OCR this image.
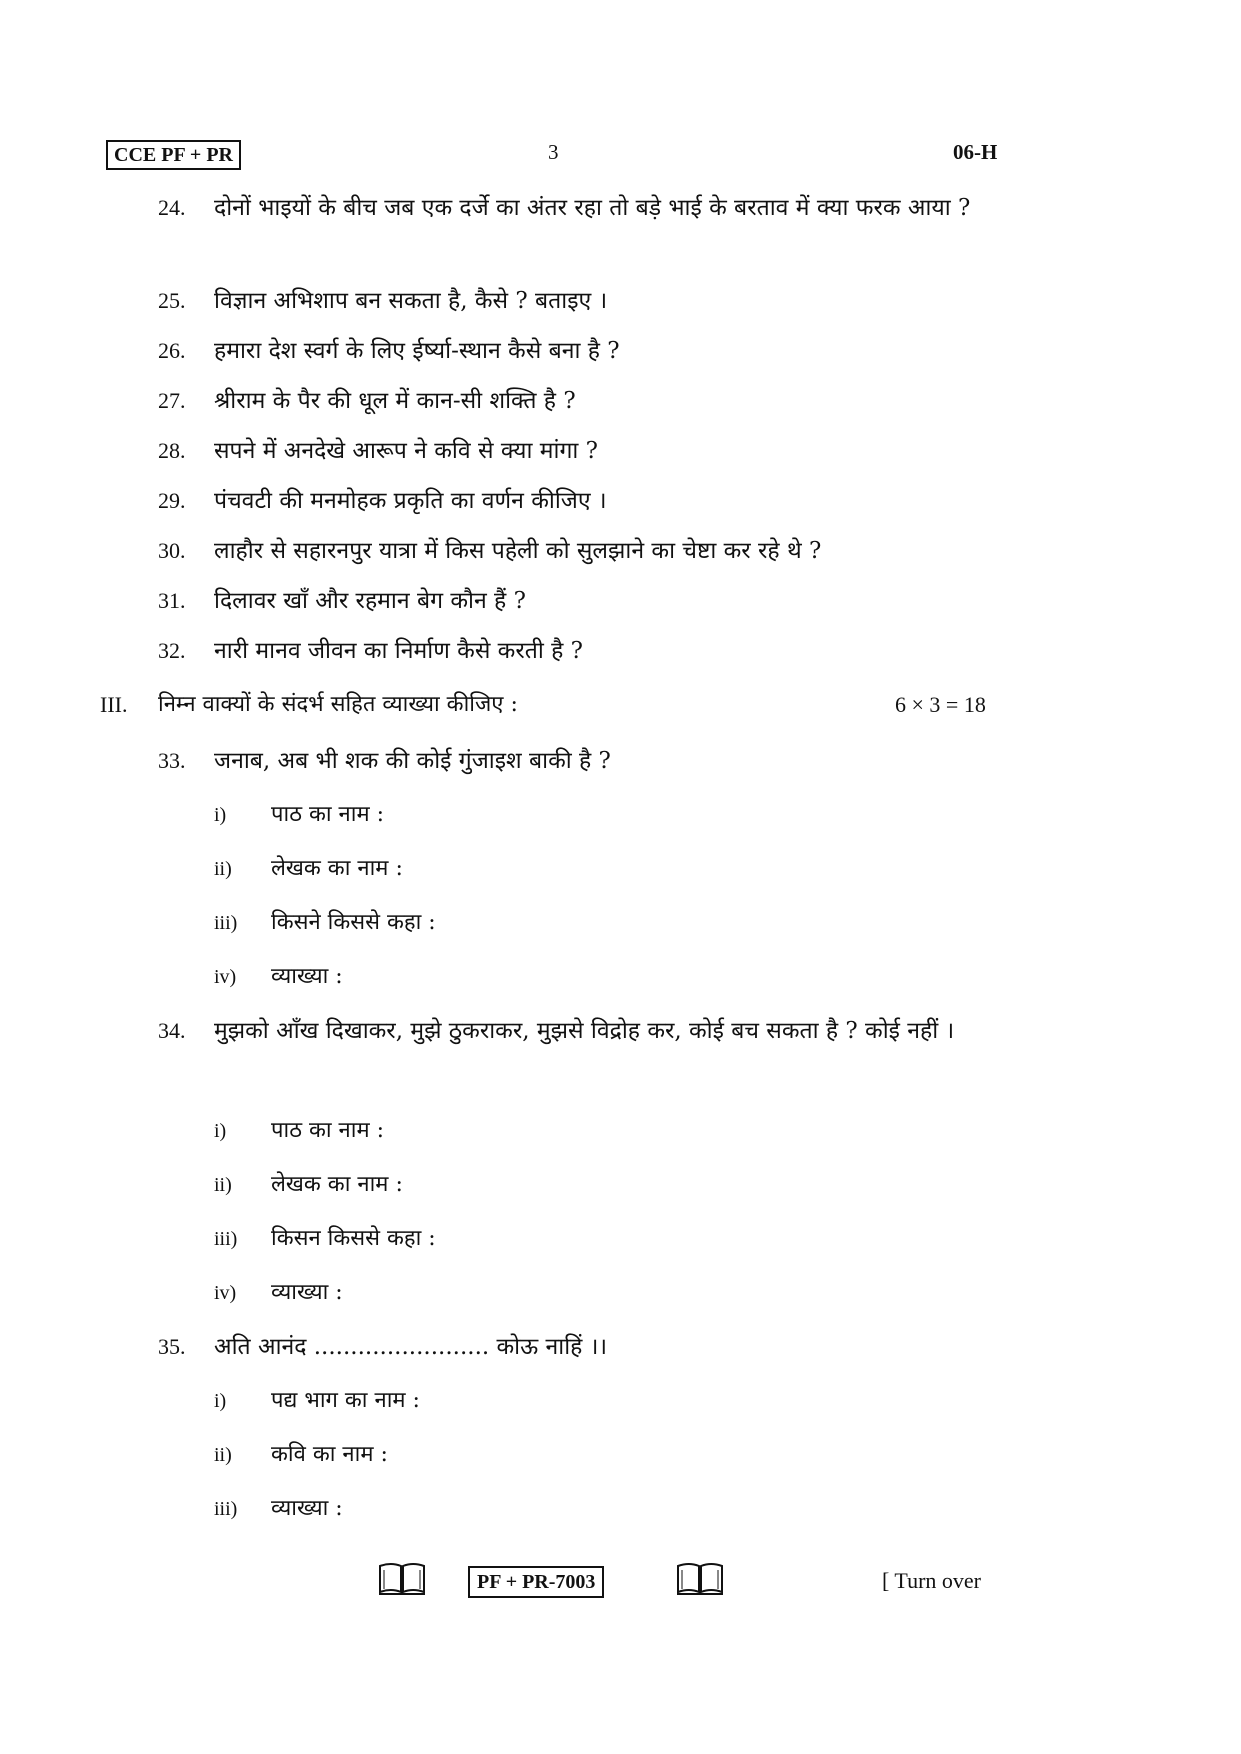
CCE PF + PR	3	06-H
24.	दोनों भाइयों के बीच जब एक दर्जे का अंतर रहा तो बड़े भाई के बरताव में क्या फरक आया ?
25.	विज्ञान अभिशाप बन सकता है, कैसे ? बताइए ।
26.	हमारा देश स्वर्ग के लिए ईर्ष्या-स्थान कैसे बना है ?
27.	श्रीराम के पैर की धूल में कान-सी शक्ति है ?
28.	सपने में अनदेखे आरूप ने कवि से क्या मांगा ?
29.	पंचवटी की मनमोहक प्रकृति का वर्णन कीजिए ।
30.	लाहौर से सहारनपुर यात्रा में किस पहेली को सुलझाने का चेष्टा कर रहे थे ?
31.	दिलावर खाँ और रहमान बेग कौन हैं ?
32.	नारी मानव जीवन का निर्माण कैसे करती है ?
III. निम्न वाक्यों के संदर्भ सहित व्याख्या कीजिए :	6 × 3 = 18
33.	जनाब, अब भी शक की कोई गुंजाइश बाकी है ?
i) पाठ का नाम :
ii) लेखक का नाम :
iii) किसने किससे कहा :
iv) व्याख्या :
34.	मुझको आँख दिखाकर, मुझे ठुकराकर, मुझसे विद्रोह कर, कोई बच सकता है ? कोई नहीं ।
i) पाठ का नाम :
ii) लेखक का नाम :
iii) किसन किससे कहा :
iv) व्याख्या :
35.	अति आनंद ........................ कोऊ नाहिं ।।
i) पद्य भाग का नाम :
ii) कवि का नाम :
iii) व्याख्या :
PF + PR-7003	[ Turn over
